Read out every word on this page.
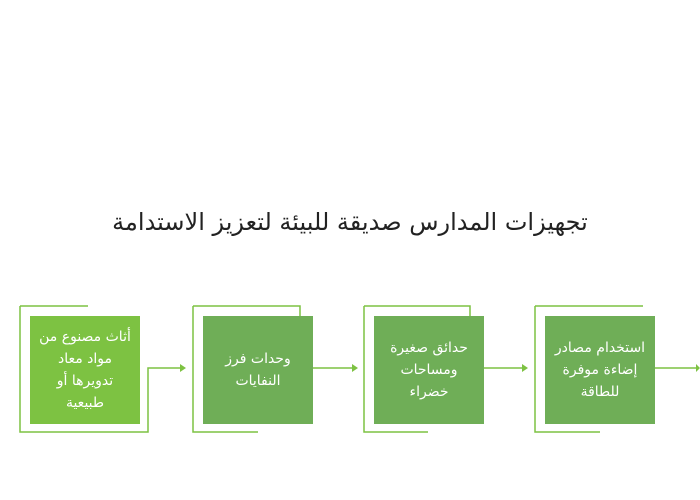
تجهيزات المدارس صديقة للبيئة لتعزيز الاستدامة
استخدام مصادر إضاءة موفرة للطاقة
حدائق صغيرة ومساحات خضراء
وحدات فرز النفايات
أثاث مصنوع من مواد معاد تدويرها أو طبيعية
